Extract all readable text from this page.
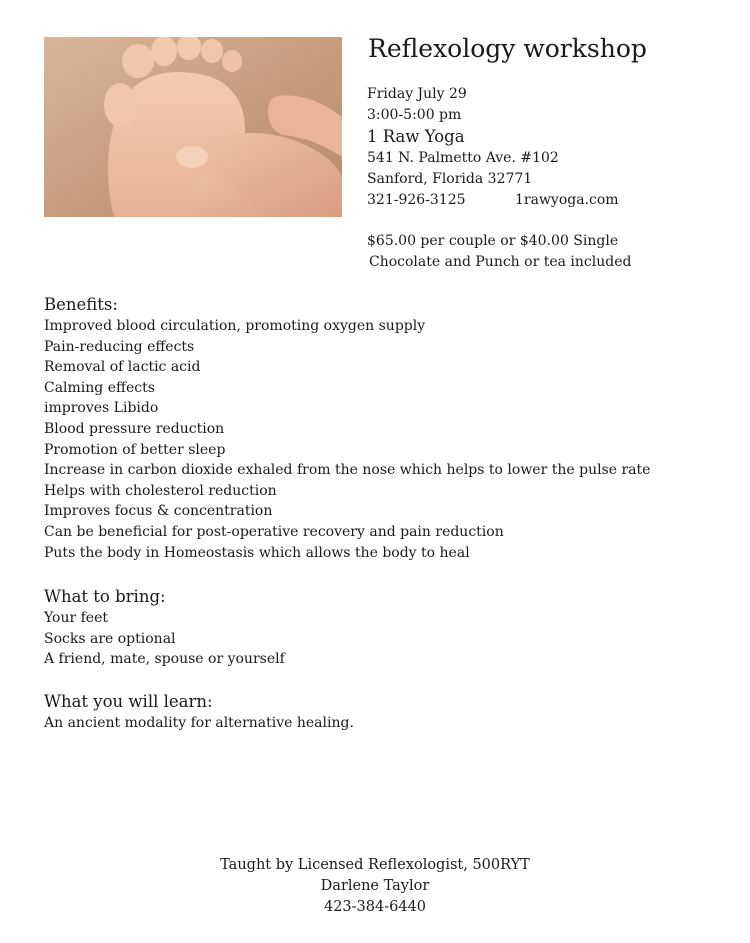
Reflexology workshop
Friday July 29
3:00-5:00 pm
1 Raw Yoga
541 N. Palmetto Ave. #102
Sanford, Florida 32771
321-926-3125	1rawyoga.com
$65.00 per couple or $40.00 Single
Chocolate and Punch or tea included
Benefits:
Improved blood circulation, promoting oxygen supply
Pain-reducing effects
Removal of lactic acid
Calming effects
improves Libido
Blood pressure reduction
Promotion of better sleep
Increase in carbon dioxide exhaled from the nose which helps to lower the pulse rate
Helps with cholesterol reduction
Improves focus & concentration
Can be beneficial for post-operative recovery and pain reduction
Puts the body in Homeostasis which allows the body to heal
What to bring:
Your feet
Socks are optional
A friend, mate, spouse or yourself
What you will learn:
An ancient modality for alternative healing.
Taught by Licensed Reflexologist, 500RYT
Darlene Taylor
423-384-6440
